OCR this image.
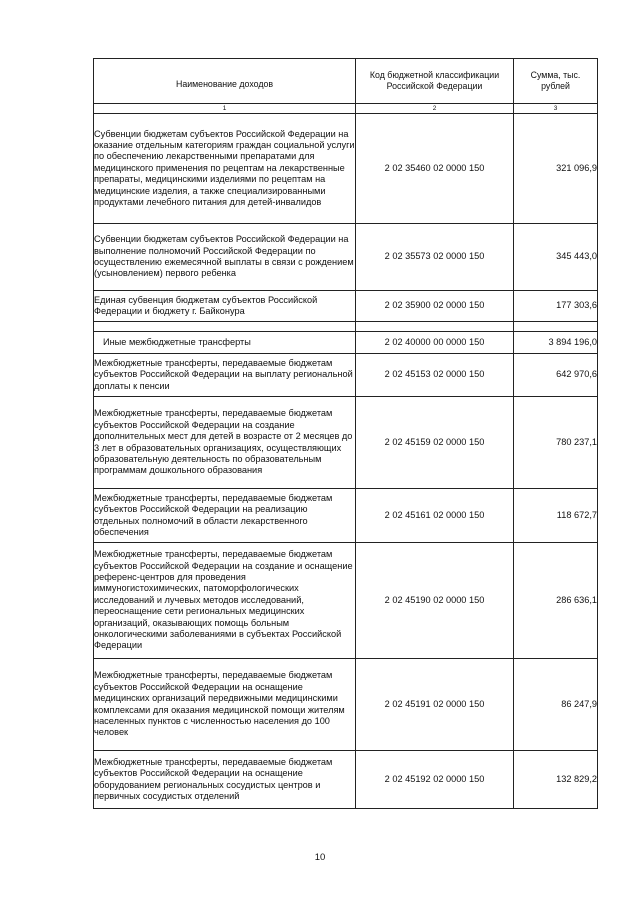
Наименование доходов	Код бюджетной классификации Российской Федерации	Сумма, тыс. рублей
1	2	3
Субвенции бюджетам субъектов Российской Федерации на оказание отдельным категориям граждан социальной услуги по обеспечению лекарственными препаратами для медицинского применения по рецептам на лекарственные препараты, медицинскими изделиями по рецептам на медицинские изделия, а также специализированными продуктами лечебного питания для детей-инвалидов	2 02 35460 02 0000 150	321 096,9
Субвенции бюджетам субъектов Российской Федерации на выполнение полномочий Российской Федерации по осуществлению ежемесячной выплаты в связи с рождением (усыновлением) первого ребенка	2 02 35573 02 0000 150	345 443,0
Единая субвенция бюджетам субъектов Российской Федерации и бюджету г. Байконура	2 02 35900 02 0000 150	177 303,6

Иные межбюджетные трансферты	2 02 40000 00 0000 150	3 894 196,0
Межбюджетные трансферты, передаваемые бюджетам субъектов Российской Федерации на выплату региональной доплаты к пенсии	2 02 45153 02 0000 150	642 970,6
Межбюджетные трансферты, передаваемые бюджетам субъектов Российской Федерации на создание дополнительных мест для детей в возрасте от 2 месяцев до 3 лет в образовательных организациях, осуществляющих образовательную деятельность по образовательным программам дошкольного образования	2 02 45159 02 0000 150	780 237,1
Межбюджетные трансферты, передаваемые бюджетам субъектов Российской Федерации на реализацию отдельных полномочий в области лекарственного обеспечения	2 02 45161 02 0000 150	118 672,7
Межбюджетные трансферты, передаваемые бюджетам субъектов Российской Федерации на создание и оснащение референс-центров для проведения иммуногистохимических, патоморфологических исследований и лучевых методов исследований, переоснащение сети региональных медицинских организаций, оказывающих помощь больным онкологическими заболеваниями в субъектах Российской Федерации	2 02 45190 02 0000 150	286 636,1
Межбюджетные трансферты, передаваемые бюджетам субъектов Российской Федерации на оснащение медицинских организаций передвижными медицинскими комплексами для оказания медицинской помощи жителям населенных пунктов с численностью населения до 100 человек	2 02 45191 02 0000 150	86 247,9
Межбюджетные трансферты, передаваемые бюджетам субъектов Российской Федерации на оснащение оборудованием региональных сосудистых центров и первичных сосудистых отделений	2 02 45192 02 0000 150	132 829,2
10
